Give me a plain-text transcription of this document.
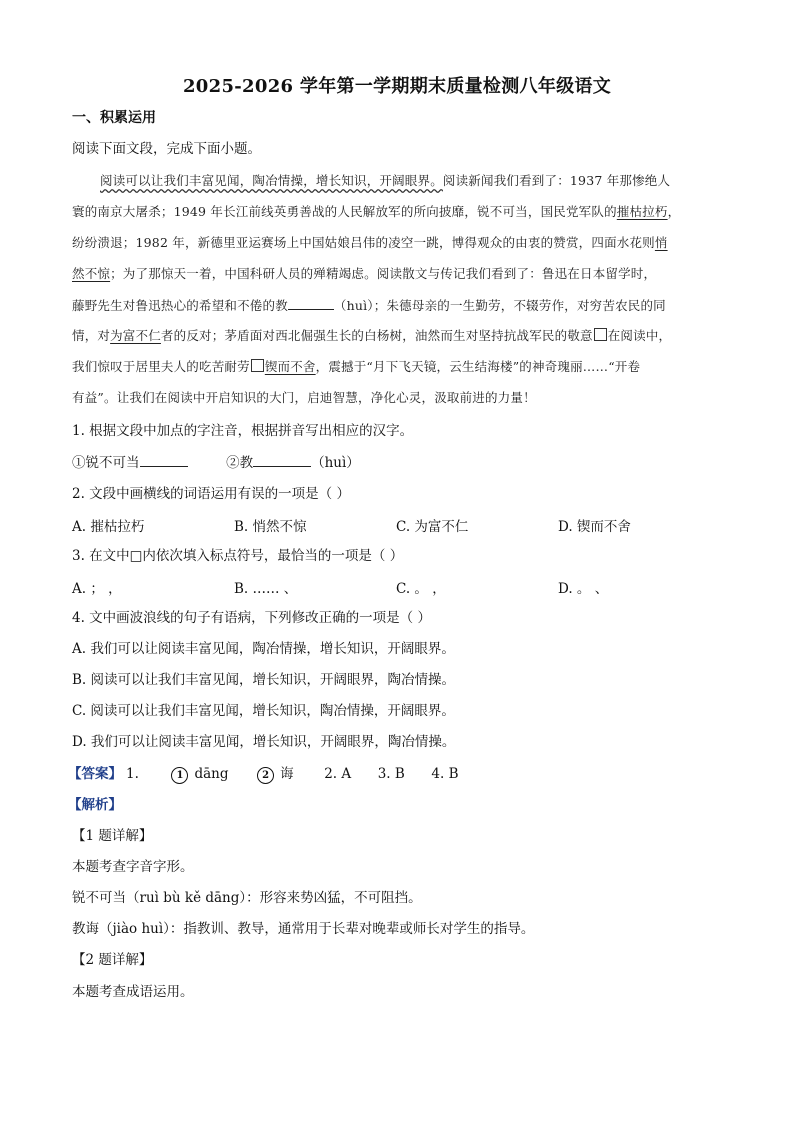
2025-2026 学年第一学期期末质量检测八年级语文
一、积累运用
阅读下面文段，完成下面小题。
阅读可以让我们丰富见闻，陶冶情操，增长知识，开阔眼界。阅读新闻我们看到了：1937 年那惨绝人
寰的南京大屠杀；1949 年长江前线英勇善战的人民解放军的所向披靡，锐不可当，国民党军队的摧枯拉朽，
纷纷溃退；1982 年，新德里亚运赛场上中国姑娘吕伟的凌空一跳，博得观众的由衷的赞赏，四面水花则悄
然不惊；为了那惊天一着，中国科研人员的殚精竭虑。阅读散文与传记我们看到了：鲁迅在日本留学时，
藤野先生对鲁迅热心的希望和不倦的教	（huì）；朱德母亲的一生勤劳，不辍劳作，对穷苦农民的同
情，对为富不仁者的反对；茅盾面对西北倔强生长的白杨树，油然而生对坚持抗战军民的敬意 在阅读中，
我们惊叹于居里夫人的吃苦耐劳 锲而不舍，震撼于“月下飞天镜，云生结海楼”的神奇瑰丽……“开卷
有益”。让我们在阅读中开启知识的大门，启迪智慧，净化心灵，汲取前进的力量！
1. 根据文段中加点的字注音，根据拼音写出相应的汉字。
①锐不可当	②教	（huì）
2. 文段中画横线的词语运用有误的一项是（ ）
A. 摧枯拉朽	B. 悄然不惊	C. 为富不仁	D. 锲而不舍
3. 在文中□内依次填入标点符号，最恰当的一项是（ ）
A. ； ，	B. …… 、	C. 。 ，	D. 。 、
4. 文中画波浪线的句子有语病，下列修改正确的一项是（ ）
A. 我们可以让阅读丰富见闻，陶冶情操，增长知识，开阔眼界。
B. 阅读可以让我们丰富见闻，增长知识，开阔眼界，陶冶情操。
C. 阅读可以让我们丰富见闻，增长知识，陶冶情操，开阔眼界。
D. 我们可以让阅读丰富见闻，增长知识，开阔眼界，陶冶情操。
【答案】 1.	1 dāng	2 诲 2. A 3. B 4. B
【解析】
【1 题详解】
本题考查字音字形。
锐不可当（ruì bù kě dāng）：形容来势凶猛，不可阻挡。
教诲（jiào huì）：指教训、教导，通常用于长辈对晚辈或师长对学生的指导。
【2 题详解】
本题考查成语运用。
